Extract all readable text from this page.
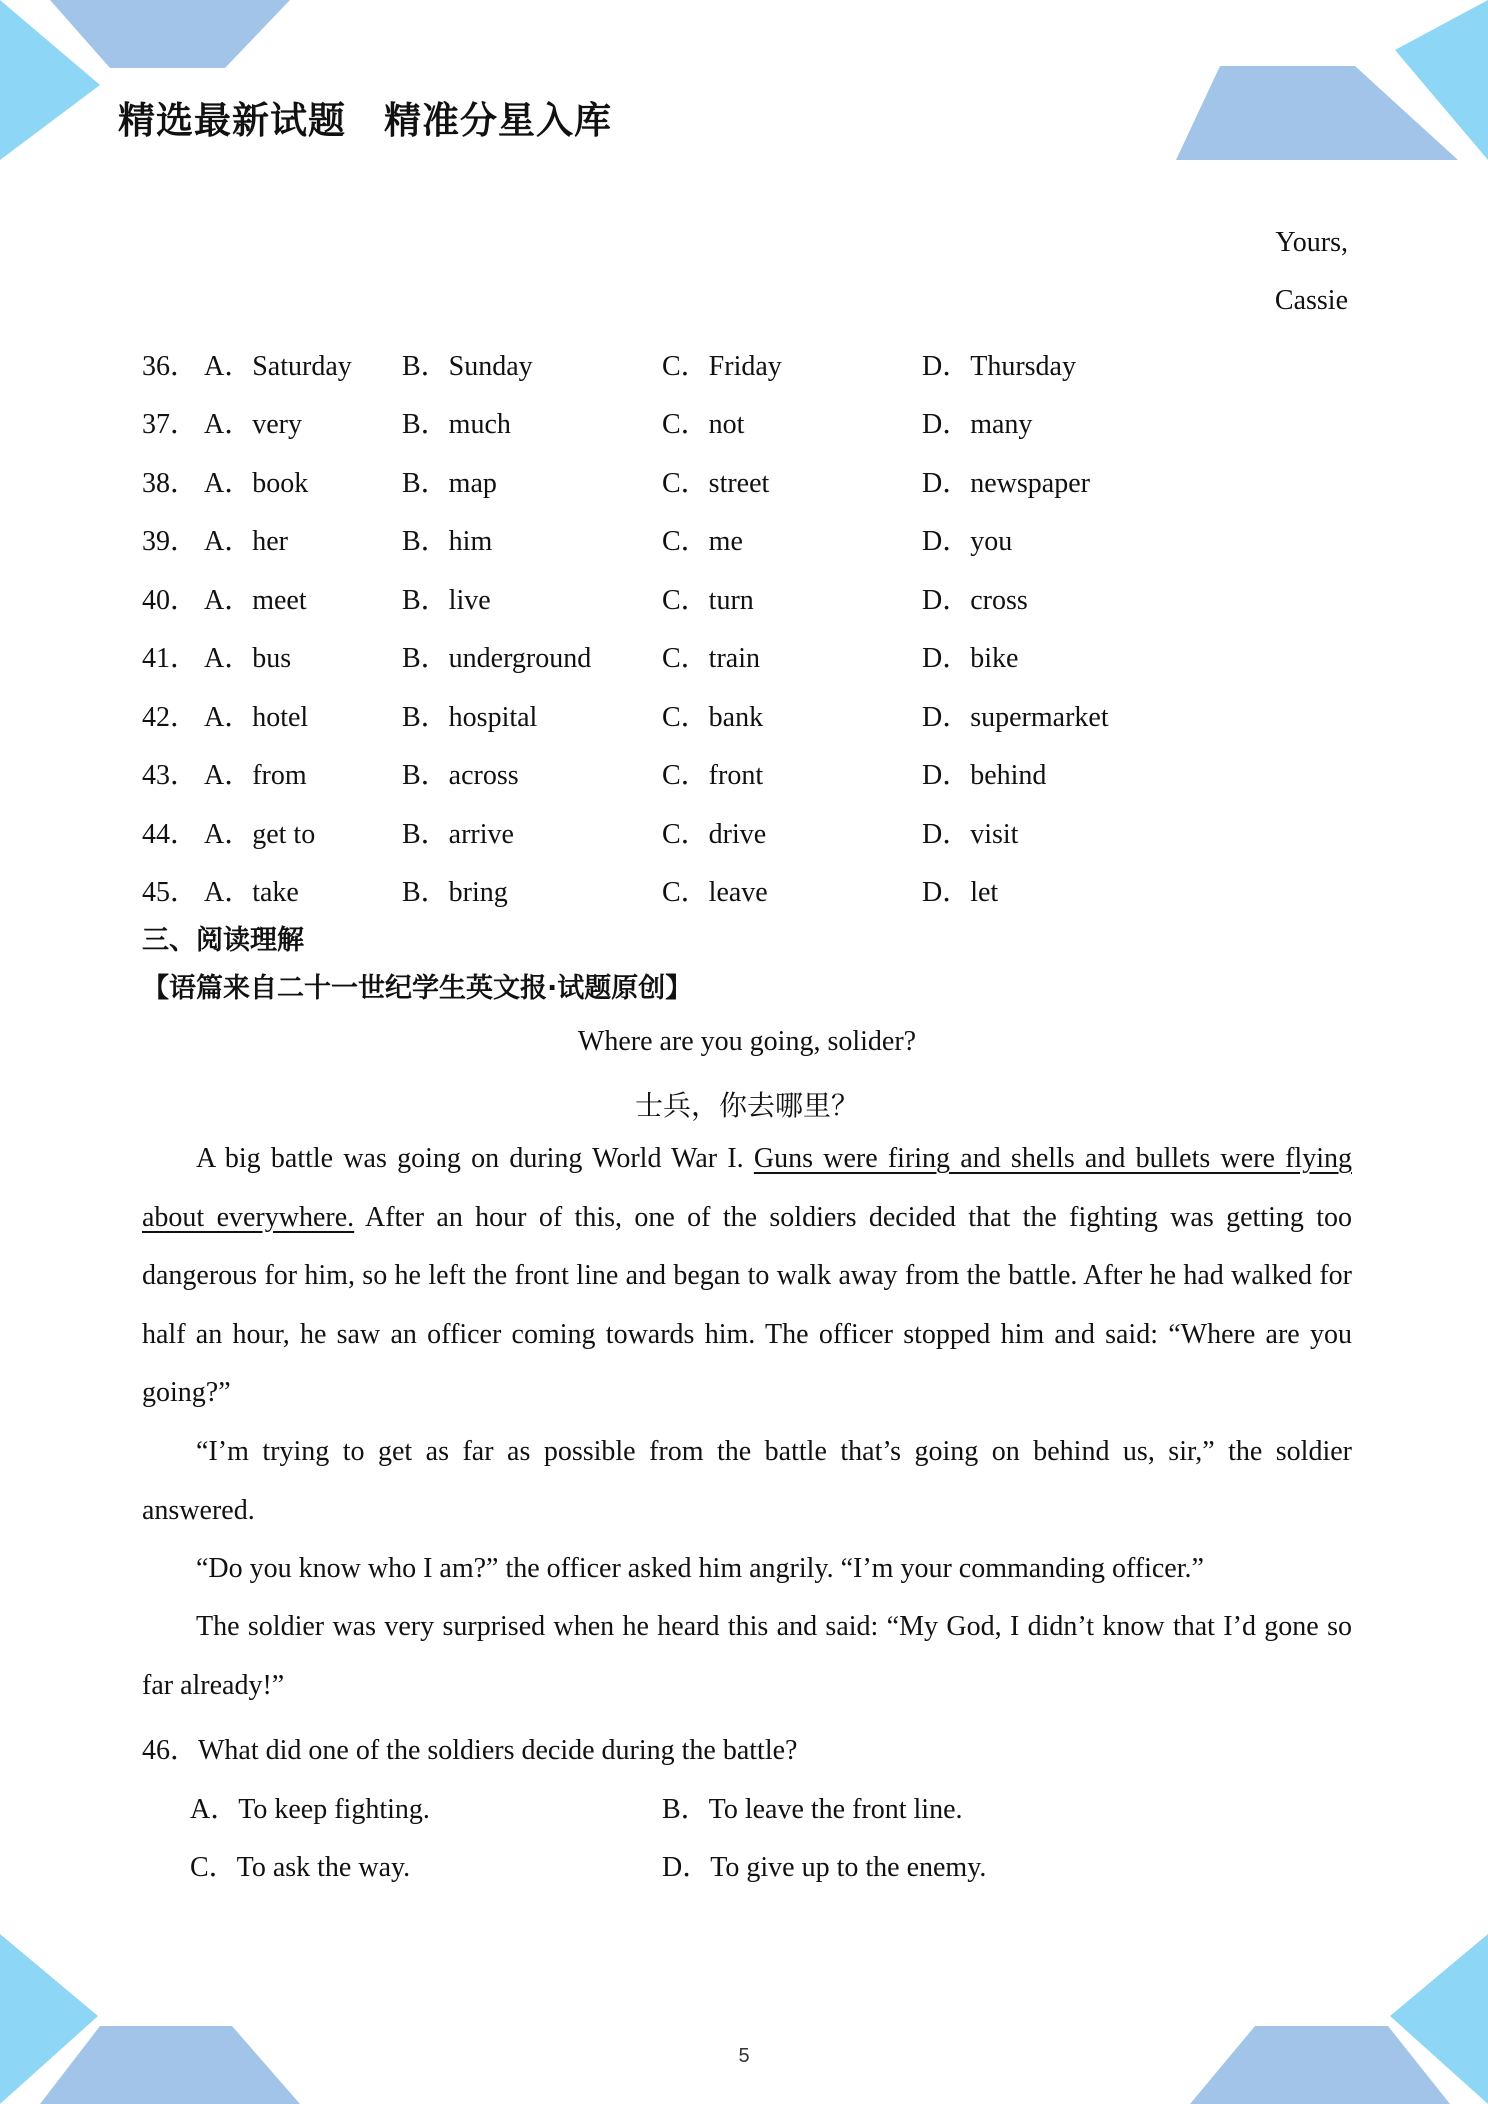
精选最新试题　精准分星入库
Yours,
Cassie
36． A．Saturday B．Sunday	C．Friday	D．Thursday
37． A．very	B．much	C．not	D．many
38． A．book	B．map	C．street	D．newspaper
39． A．her	B．him	C．me	D．you
40． A．meet	B．live	C．turn	D．cross
41． A．bus	B．underground	C．train	D．bike
42． A．hotel	B．hospital	C．bank	D．supermarket
43． A．from	B．across	C．front	D．behind
44． A．get to	B．arrive	C．drive	D．visit
45． A．take	B．bring	C．leave	D．let
三、阅读理解
【语篇来自二十一世纪学生英文报·试题原创】
Where are you going, solider?
士兵，你去哪里？

A big battle was going on during World War I. Guns were firing and shells and bullets were flying about everywhere. After an hour of this, one of the soldiers decided that the fighting was getting too dangerous for him, so he left the front line and began to walk away from the battle. After he had walked for half an hour, he saw an officer coming towards him. The officer stopped him and said: “Where are you going?”

“I’m trying to get as far as possible from the battle that’s going on behind us, sir,” the soldier answered.

“Do you know who I am?” the officer asked him angrily. “I’m your commanding officer.”

The soldier was very surprised when he heard this and said: “My God, I didn’t know that I’d gone so far already!”

46．What did one of the soldiers decide during the battle?
A．To keep fighting.	B．To leave the front line.
C．To ask the way.	D．To give up to the enemy.
5
